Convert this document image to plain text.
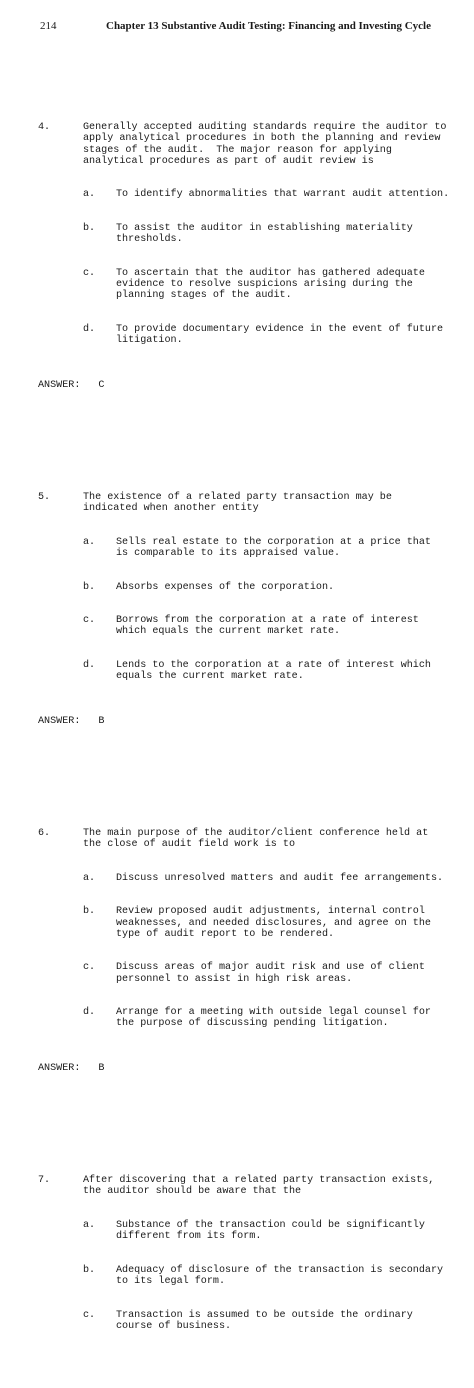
214	Chapter 13 Substantive Audit Testing: Financing and Investing Cycle

4.	Generally accepted auditing standards require the auditor to
apply analytical procedures in both the planning and review
stages of the audit.  The major reason for applying
analytical procedures as part of audit review is

a.	To identify abnormalities that warrant audit attention.

b.	To assist the auditor in establishing materiality
thresholds.

c.	To ascertain that the auditor has gathered adequate
evidence to resolve suspicions arising during the
planning stages of the audit.

d.	To provide documentary evidence in the event of future
litigation.

ANSWER: C

5.	The existence of a related party transaction may be
indicated when another entity

a.	Sells real estate to the corporation at a price that
is comparable to its appraised value.

b.	Absorbs expenses of the corporation.

c.	Borrows from the corporation at a rate of interest
which equals the current market rate.

d.	Lends to the corporation at a rate of interest which
equals the current market rate.

ANSWER: B

6.	The main purpose of the auditor/client conference held at
the close of audit field work is to

a.	Discuss unresolved matters and audit fee arrangements.

b.	Review proposed audit adjustments, internal control
weaknesses, and needed disclosures, and agree on the
type of audit report to be rendered.

c.	Discuss areas of major audit risk and use of client
personnel to assist in high risk areas.

d.	Arrange for a meeting with outside legal counsel for
the purpose of discussing pending litigation.

ANSWER: B

7.	After discovering that a related party transaction exists,
the auditor should be aware that the

a.	Substance of the transaction could be significantly
different from its form.

b.	Adequacy of disclosure of the transaction is secondary
to its legal form.

c.	Transaction is assumed to be outside the ordinary
course of business.
